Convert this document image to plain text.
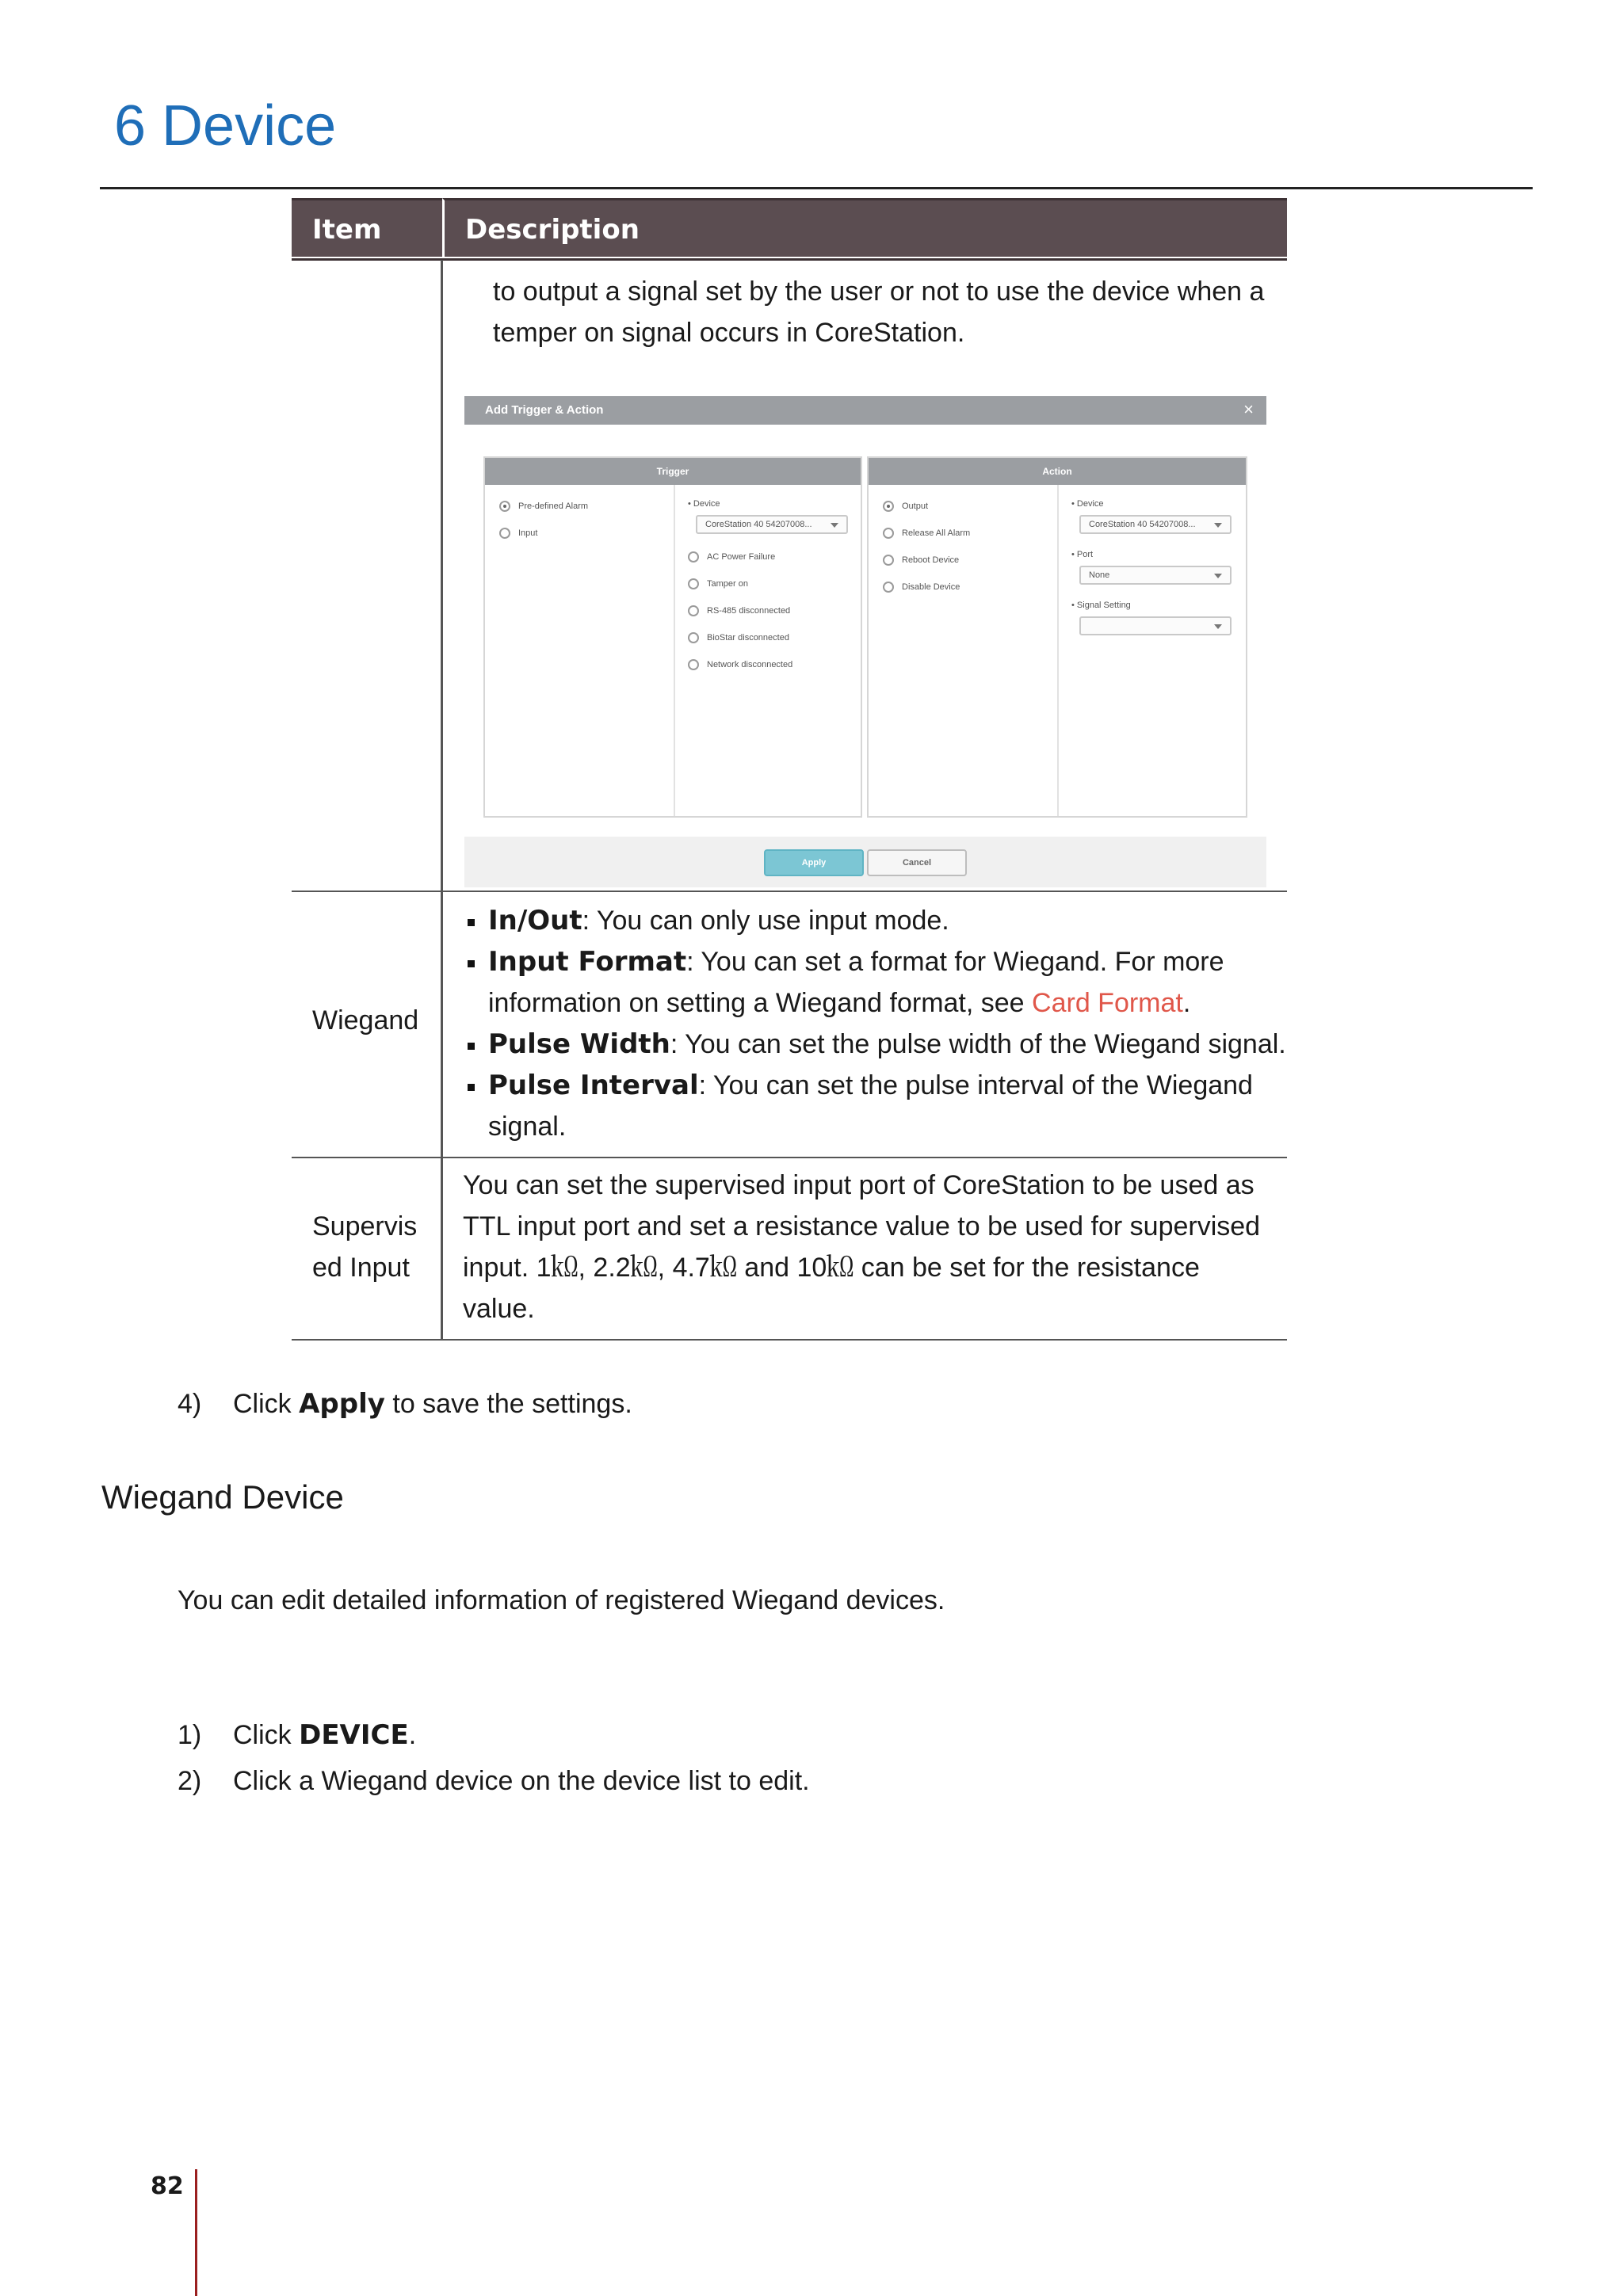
6 Device
Item	Description
to output a signal set by the user or not to use the device when a
temper on signal occurs in CoreStation.
Add Trigger & Action	×
Trigger
Pre-defined Alarm
Input
• Device
CoreStation 40 54207008...
AC Power Failure
Tamper on
RS-485 disconnected
BioStar disconnected
Network disconnected
Action
Output
Release All Alarm
Reboot Device
Disable Device
• Device
CoreStation 40 54207008...
• Port
None
• Signal Setting
Apply	Cancel
Wiegand
In/Out: You can only use input mode.
Input Format: You can set a format for Wiegand. For more
information on setting a Wiegand format, see Card Format.
Pulse Width: You can set the pulse width of the Wiegand signal.
Pulse Interval: You can set the pulse interval of the Wiegand
signal.
Supervis
ed Input
You can set the supervised input port of CoreStation to be used as
TTL input port and set a resistance value to be used for supervised
input. 1㏀, 2.2㏀, 4.7㏀ and 10㏀ can be set for the resistance
value.
4) Click Apply to save the settings.
Wiegand Device
You can edit detailed information of registered Wiegand devices.
1) Click DEVICE.
2) Click a Wiegand device on the device list to edit.
82
